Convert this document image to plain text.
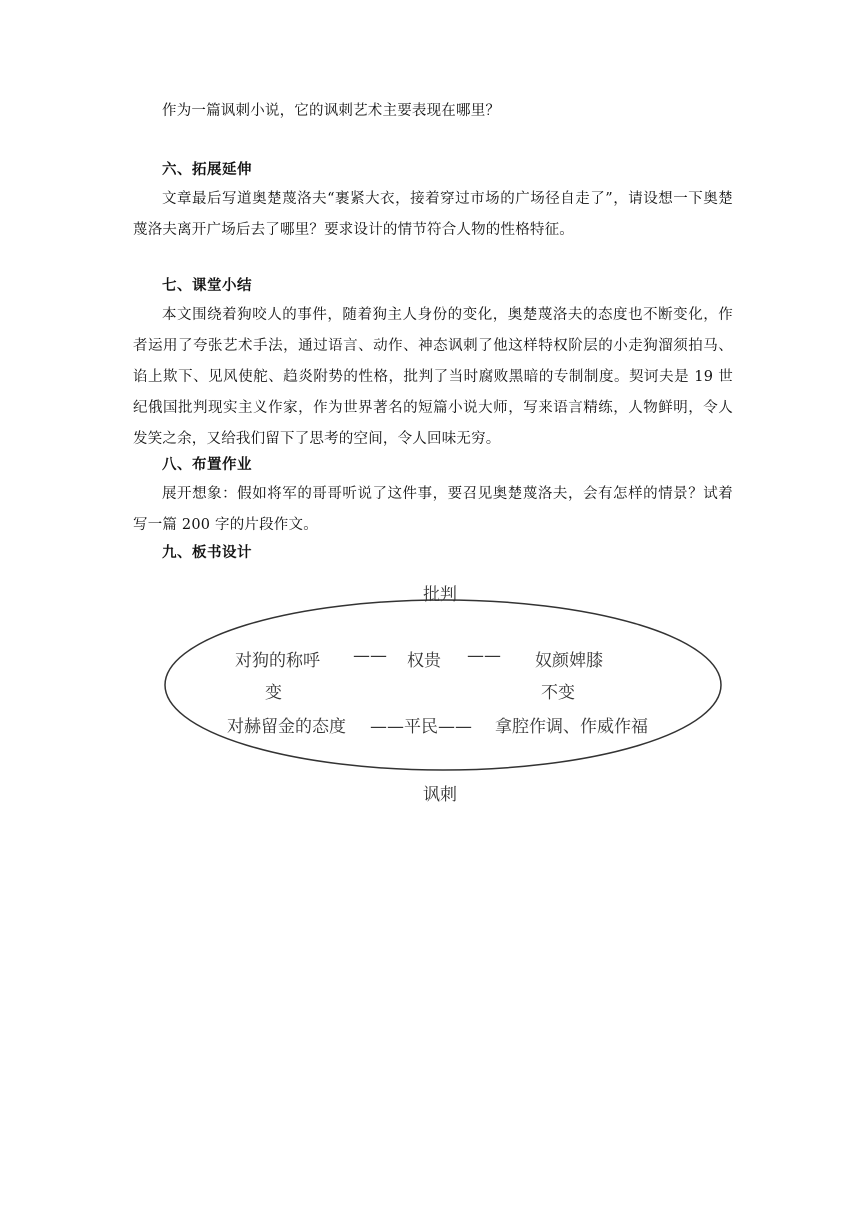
作为一篇讽刺小说，它的讽刺艺术主要表现在哪里？

六、拓展延伸

文章最后写道奥楚蔑洛夫“裹紧大衣，接着穿过市场的广场径自走了”，请设想一下奥楚蔑洛夫离开广场后去了哪里？要求设计的情节符合人物的性格特征。

七、课堂小结

本文围绕着狗咬人的事件，随着狗主人身份的变化，奥楚蔑洛夫的态度也不断变化，作者运用了夸张艺术手法，通过语言、动作、神态讽刺了他这样特权阶层的小走狗溜须拍马、谄上欺下、见风使舵、趋炎附势的性格，批判了当时腐败黑暗的专制制度。契诃夫是 19 世纪俄国批判现实主义作家，作为世界著名的短篇小说大师，写来语言精练，人物鲜明，令人发笑之余，又给我们留下了思考的空间，令人回味无穷。

八、布置作业

展开想象：假如将军的哥哥听说了这件事，要召见奥楚蔑洛夫，会有怎样的情景？试着写一篇 200 字的片段作文。

九、板书设计

批判

讽刺

对狗的称呼 —— 权贵 —— 奴颜婢膝

变	不变

对赫留金的态度 ——平民—— 拿腔作调、作威作福
